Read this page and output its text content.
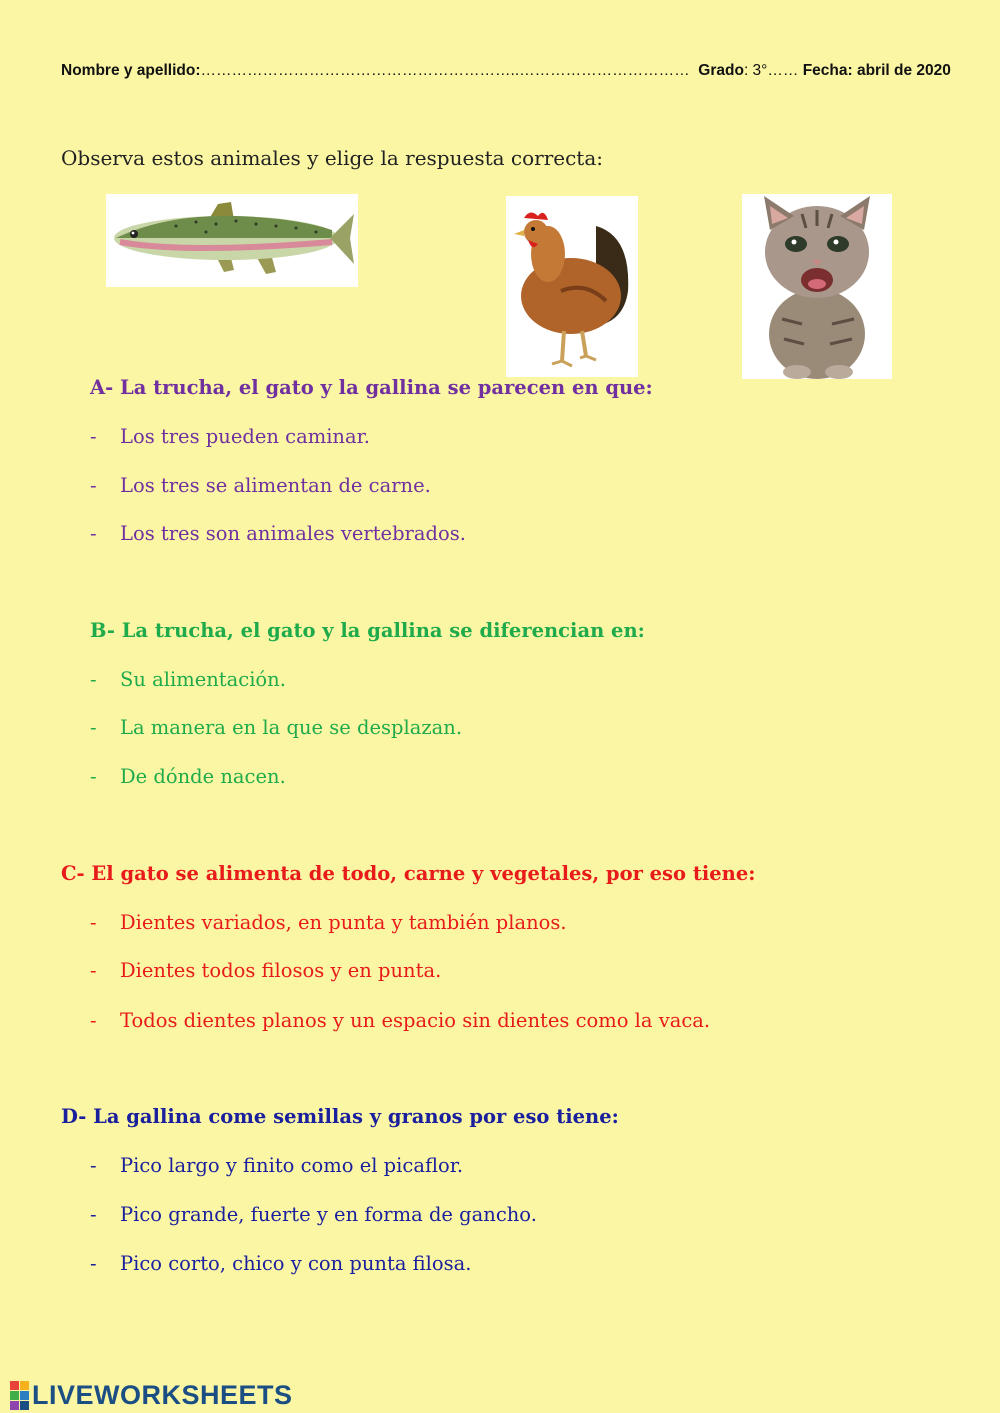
Nombre y apellido:……………………………………………………..…………………………… Grado: 3°…… Fecha: abril de 2020
Observa estos animales y elige la respuesta correcta:
A- La trucha, el gato y la gallina se parecen en que:
- Los tres pueden caminar.
- Los tres se alimentan de carne.
- Los tres son animales vertebrados.
B- La trucha, el gato y la gallina se diferencian en:
- Su alimentación.
- La manera en la que se desplazan.
- De dónde nacen.
C- El gato se alimenta de todo, carne y vegetales, por eso tiene:
- Dientes variados, en punta y también planos.
- Dientes todos filosos y en punta.
- Todos dientes planos y un espacio sin dientes como la vaca.
D- La gallina come semillas y granos por eso tiene:
- Pico largo y finito como el picaflor.
- Pico grande, fuerte y en forma de gancho.
- Pico corto, chico y con punta filosa.
LIVEWORKSHEETS
